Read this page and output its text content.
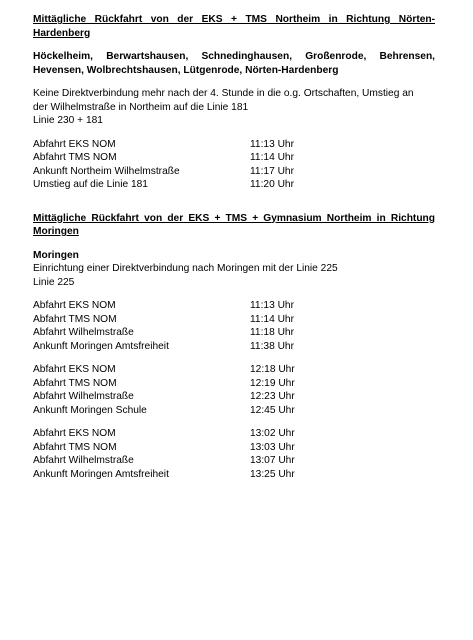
Mittägliche Rückfahrt von der EKS + TMS Northeim in Richtung Nörten-Hardenberg
Höckelheim, Berwartshausen, Schnedinghausen, Großenrode, Behrensen, Hevensen, Wolbrechtshausen, Lütgenrode, Nörten-Hardenberg
Keine Direktverbindung mehr nach der 4. Stunde in die o.g. Ortschaften, Umstieg an
der Wilhelmstraße in Northeim auf die Linie 181
Linie 230 + 181
Abfahrt EKS NOM	11:13 Uhr
Abfahrt TMS NOM	11:14 Uhr
Ankunft Northeim Wilhelmstraße	11:17 Uhr
Umstieg auf die Linie 181	11:20 Uhr
Mittägliche Rückfahrt von der EKS + TMS + Gymnasium Northeim in Richtung Moringen
Moringen
Einrichtung einer Direktverbindung nach Moringen mit der Linie 225
Linie 225
Abfahrt EKS NOM	11:13 Uhr
Abfahrt TMS NOM	11:14 Uhr
Abfahrt Wilhelmstraße	11:18 Uhr
Ankunft Moringen Amtsfreiheit	11:38 Uhr
Abfahrt EKS NOM	12:18 Uhr
Abfahrt TMS NOM	12:19 Uhr
Abfahrt Wilhelmstraße	12:23 Uhr
Ankunft Moringen Schule	12:45 Uhr
Abfahrt EKS NOM	13:02 Uhr
Abfahrt TMS NOM	13:03 Uhr
Abfahrt Wilhelmstraße	13:07 Uhr
Ankunft Moringen Amtsfreiheit	13:25 Uhr
